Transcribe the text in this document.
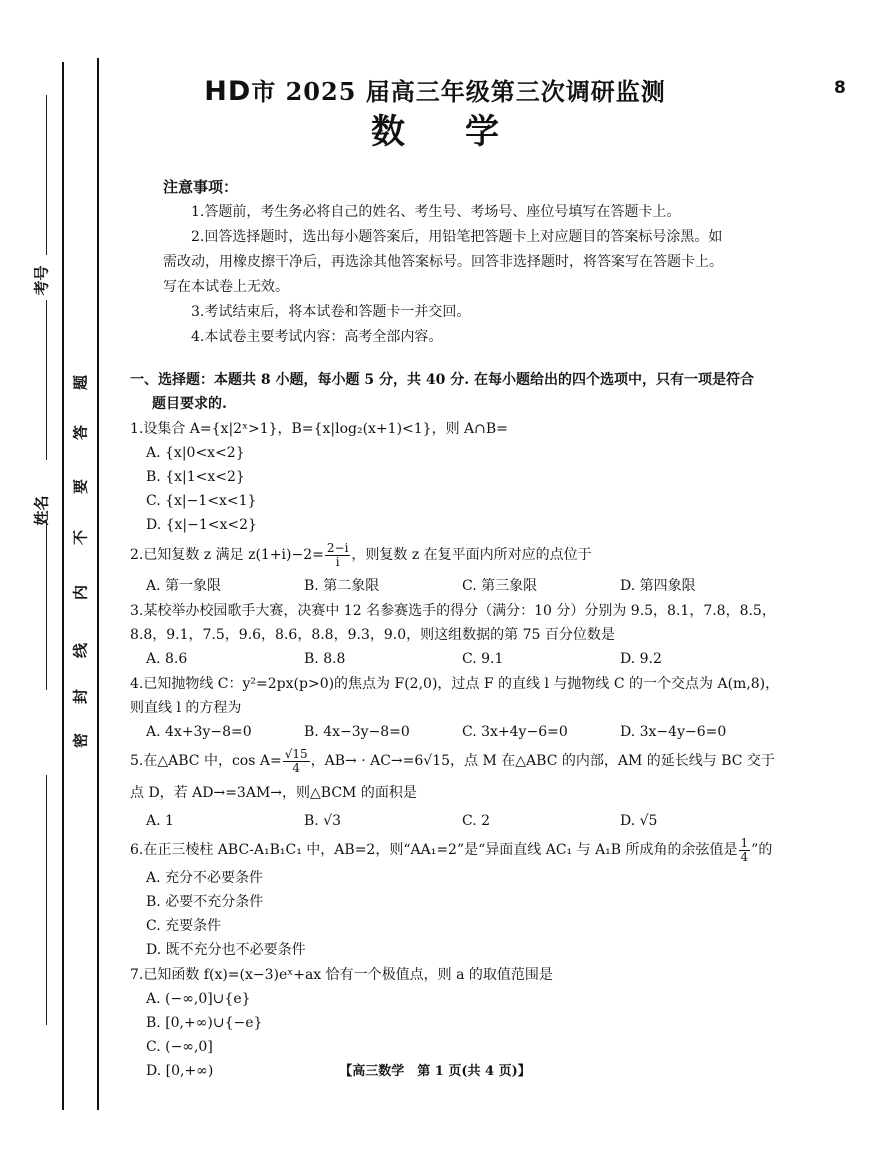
考号
姓名
密
封
线
内
不
要
答
题
HD市 2025 届高三年级第三次调研监测
数学
8
注意事项：
1.答题前，考生务必将自己的姓名、考生号、考场号、座位号填写在答题卡上。
2.回答选择题时，选出每小题答案后，用铅笔把答题卡上对应题目的答案标号涂黑。如需改动，用橡皮擦干净后，再选涂其他答案标号。回答非选择题时，将答案写在答题卡上。写在本试卷上无效。
3.考试结束后，将本试卷和答题卡一并交回。
4.本试卷主要考试内容：高考全部内容。
一、选择题：本题共 8 小题，每小题 5 分，共 40 分. 在每小题给出的四个选项中，只有一项是符合
题目要求的.
1.设集合 A={x|2ˣ>1}，B={x|log₂(x+1)<1}，则 A∩B=
A. {x|0<x<2}
B. {x|1<x<2}
C. {x|−1<x<1}
D. {x|−1<x<2}
2.已知复数 z 满足 $z(1+i)-2= \frac{2-i}{i}$ ，则复数 z 在复平面内所对应的点位于
A. 第一象限	B. 第二象限	C. 第三象限	D. 第四象限
3.某校举办校园歌手大赛，决赛中 12 名参赛选手的得分（满分：10 分）分别为 9.5，8.1，7.8，8.5，8.8，9.1，7.5，9.6，8.6，8.8，9.3，9.0，则这组数据的第 75 百分位数是
A. 8.6	B. 8.8	C. 9.1	D. 9.2
4.已知抛物线 C：y²=2px(p>0)的焦点为 F(2,0)，过点 F 的直线 l 与抛物线 C 的一个交点为 A(m,8)，则直线 l 的方程为
A. 4x+3y−8=0	B. 4x−3y−8=0	C. 3x+4y−6=0	D. 3x−4y−6=0
5.在△ABC 中，$\cos A= \frac{√15}{4}$ ，AB→ · AC→=6√15，点 M 在△ABC 的内部，AM 的延长线与 BC 交于点 D，若 AD→=3AM→，则△BCM 的面积是
A. 1	B. √3	C. 2	D. √5
6.在正三棱柱 ABC-A₁B₁C₁ 中，AB=2，则“AA₁=2”是“异面直线 AC₁ 与 A₁B 所成角的余弦值是 $\frac{1}{4}$ ”的
A. 充分不必要条件
B. 必要不充分条件
C. 充要条件
D. 既不充分也不必要条件
7.已知函数 f(x)=(x−3)eˣ+ax 恰有一个极值点，则 a 的取值范围是
A. (−∞,0]∪{e}
B. [0,+∞)∪{−e}
C. (−∞,0]
D. [0,+∞)	【高三数学　第 1 页(共 4 页)】
